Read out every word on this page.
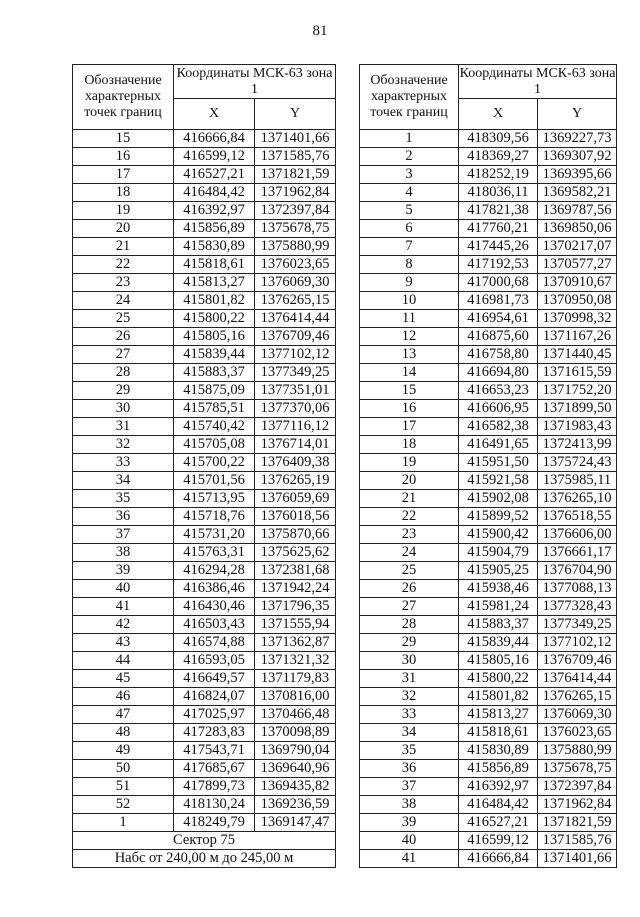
81
Обозначение характерных точек границ	Координаты МСК-63 зона 1	
	X	Y
15	416666,84	1371401,66
16	416599,12	1371585,76
17	416527,21	1371821,59
18	416484,42	1371962,84
19	416392,97	1372397,84
20	415856,89	1375678,75
21	415830,89	1375880,99
22	415818,61	1376023,65
23	415813,27	1376069,30
24	415801,82	1376265,15
25	415800,22	1376414,44
26	415805,16	1376709,46
27	415839,44	1377102,12
28	415883,37	1377349,25
29	415875,09	1377351,01
30	415785,51	1377370,06
31	415740,42	1377116,12
32	415705,08	1376714,01
33	415700,22	1376409,38
34	415701,56	1376265,19
35	415713,95	1376059,69
36	415718,76	1376018,56
37	415731,20	1375870,66
38	415763,31	1375625,62
39	416294,28	1372381,68
40	416386,46	1371942,24
41	416430,46	1371796,35
42	416503,43	1371555,94
43	416574,88	1371362,87
44	416593,05	1371321,32
45	416649,57	1371179,83
46	416824,07	1370816,00
47	417025,97	1370466,48
48	417283,83	1370098,89
49	417543,71	1369790,04
50	417685,67	1369640,96
51	417899,73	1369435,82
52	418130,24	1369236,59
1	418249,79	1369147,47
Сектор 75		
Набс от 240,00 м до 245,00 м		
Обозначение характерных точек границ	Координаты МСК-63 зона 1	
	X	Y
1	418309,56	1369227,73
2	418369,27	1369307,92
3	418252,19	1369395,66
4	418036,11	1369582,21
5	417821,38	1369787,56
6	417760,21	1369850,06
7	417445,26	1370217,07
8	417192,53	1370577,27
9	417000,68	1370910,67
10	416981,73	1370950,08
11	416954,61	1370998,32
12	416875,60	1371167,26
13	416758,80	1371440,45
14	416694,80	1371615,59
15	416653,23	1371752,20
16	416606,95	1371899,50
17	416582,38	1371983,43
18	416491,65	1372413,99
19	415951,50	1375724,43
20	415921,58	1375985,11
21	415902,08	1376265,10
22	415899,52	1376518,55
23	415900,42	1376606,00
24	415904,79	1376661,17
25	415905,25	1376704,90
26	415938,46	1377088,13
27	415981,24	1377328,43
28	415883,37	1377349,25
29	415839,44	1377102,12
30	415805,16	1376709,46
31	415800,22	1376414,44
32	415801,82	1376265,15
33	415813,27	1376069,30
34	415818,61	1376023,65
35	415830,89	1375880,99
36	415856,89	1375678,75
37	416392,97	1372397,84
38	416484,42	1371962,84
39	416527,21	1371821,59
40	416599,12	1371585,76
41	416666,84	1371401,66
